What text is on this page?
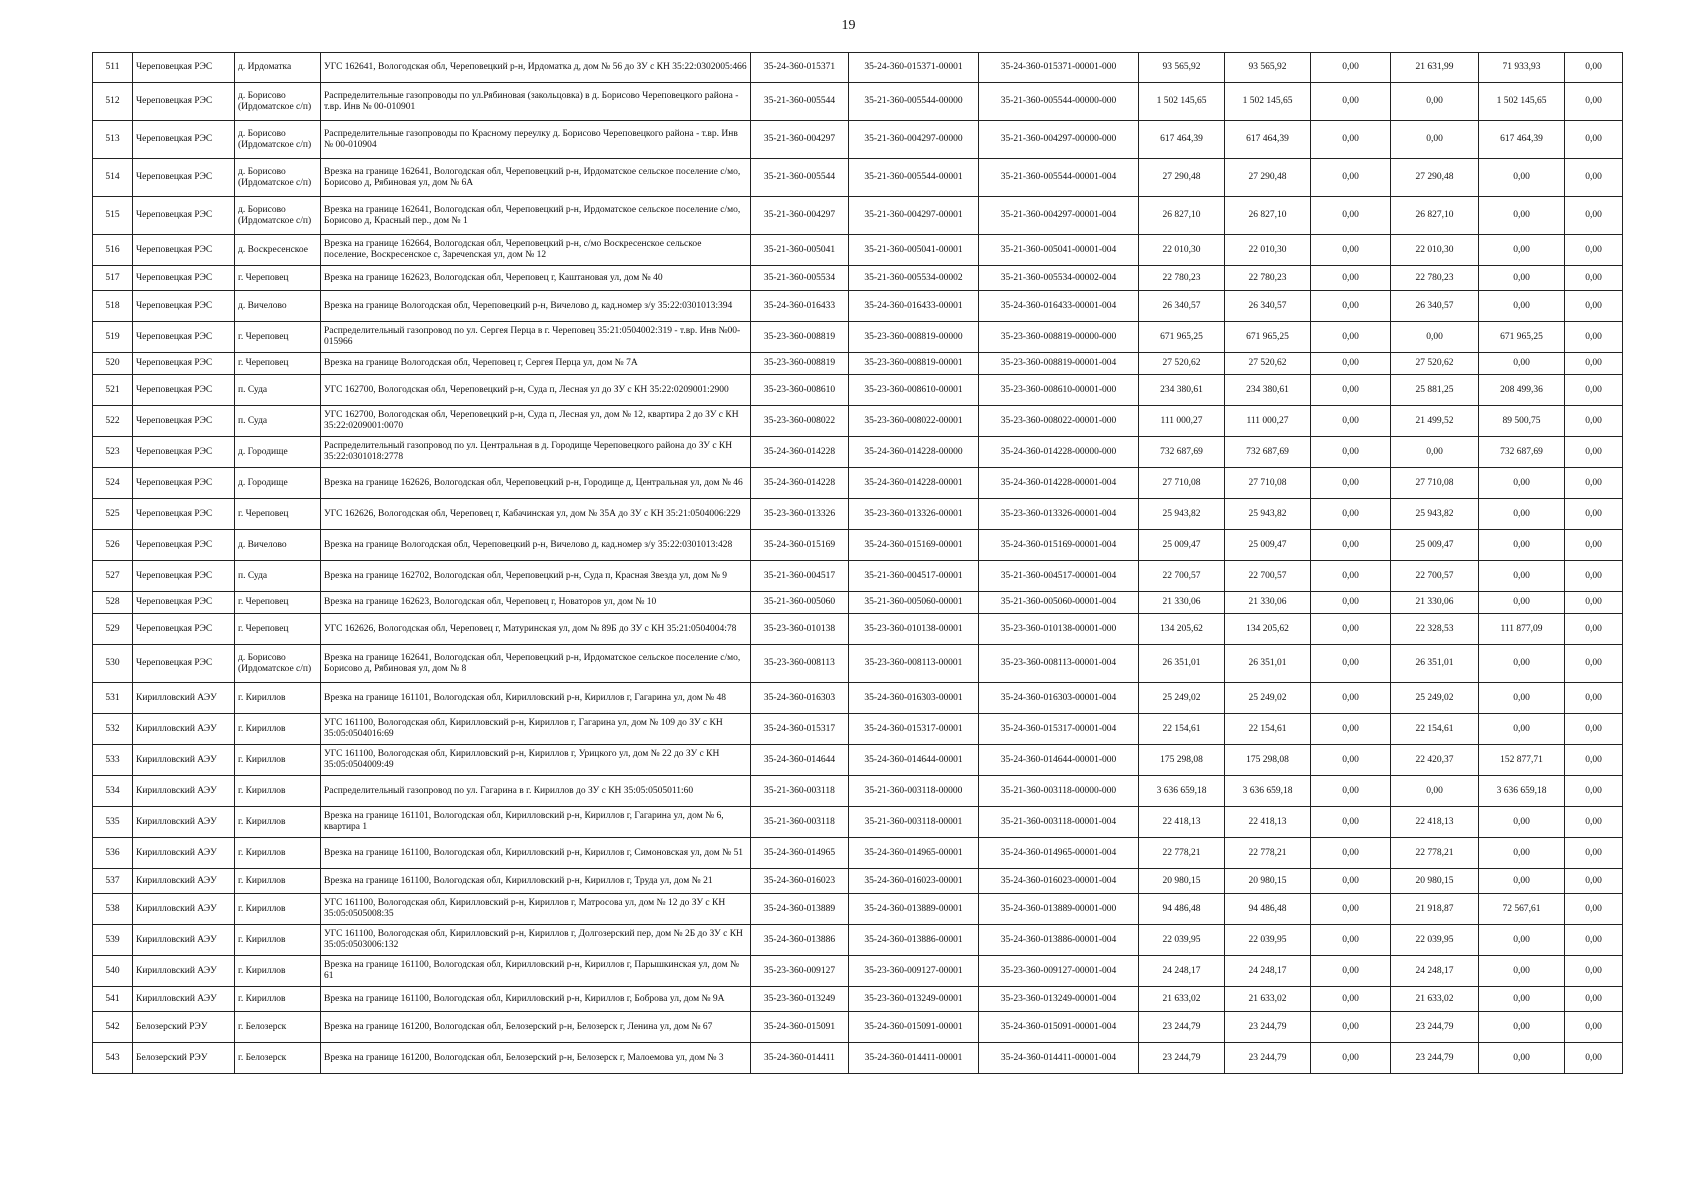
19
511	Череповецкая РЭС	д. Ирдоматка	УГС 162641, Вологодская обл, Череповецкий р-н, Ирдоматка д, дом № 56 до ЗУ с КН 35:22:0302005:466	35-24-360-015371	35-24-360-015371-00001	35-24-360-015371-00001-000	93 565,92	93 565,92	0,00	21 631,99	71 933,93	0,00
512	Череповецкая РЭС	д. Борисово (Ирдоматское с/п)	Распределительные газопроводы по ул.Рябиновая (закольцовка) в д. Борисово Череповецкого района - т.вр. Инв № 00-010901	35-21-360-005544	35-21-360-005544-00000	35-21-360-005544-00000-000	1 502 145,65	1 502 145,65	0,00	0,00	1 502 145,65	0,00
513	Череповецкая РЭС	д. Борисово (Ирдоматское с/п)	Распределительные газопроводы по Красному переулку д. Борисово Череповецкого района - т.вр. Инв № 00-010904	35-21-360-004297	35-21-360-004297-00000	35-21-360-004297-00000-000	617 464,39	617 464,39	0,00	0,00	617 464,39	0,00
514	Череповецкая РЭС	д. Борисово (Ирдоматское с/п)	Врезка на границе 162641, Вологодская обл, Череповецкий р-н, Ирдоматское сельское поселение с/мо, Борисово д, Рябиновая ул, дом № 6А	35-21-360-005544	35-21-360-005544-00001	35-21-360-005544-00001-004	27 290,48	27 290,48	0,00	27 290,48	0,00	0,00
515	Череповецкая РЭС	д. Борисово (Ирдоматское с/п)	Врезка на границе 162641, Вологодская обл, Череповецкий р-н, Ирдоматское сельское поселение с/мо, Борисово д, Красный пер., дом № 1	35-21-360-004297	35-21-360-004297-00001	35-21-360-004297-00001-004	26 827,10	26 827,10	0,00	26 827,10	0,00	0,00
516	Череповецкая РЭС	д. Воскресенское	Врезка на границе 162664, Вологодская обл, Череповецкий р-н, с/мо Воскресенское сельское поселение, Воскресенское с, Заречenская ул, дом № 12	35-21-360-005041	35-21-360-005041-00001	35-21-360-005041-00001-004	22 010,30	22 010,30	0,00	22 010,30	0,00	0,00
517	Череповецкая РЭС	г. Череповец	Врезка на границе 162623, Вологодская обл, Череповец г, Каштановая ул, дом № 40	35-21-360-005534	35-21-360-005534-00002	35-21-360-005534-00002-004	22 780,23	22 780,23	0,00	22 780,23	0,00	0,00
518	Череповецкая РЭС	д. Вичелово	Врезка на границе Вологодская обл, Череповецкий р-н, Вичелово д, кад.номер з/у 35:22:0301013:394	35-24-360-016433	35-24-360-016433-00001	35-24-360-016433-00001-004	26 340,57	26 340,57	0,00	26 340,57	0,00	0,00
519	Череповецкая РЭС	г. Череповец	Распределительный газопровод по ул. Сергея Перца в г. Череповец 35:21:0504002:319 - т.вр. Инв №00-015966	35-23-360-008819	35-23-360-008819-00000	35-23-360-008819-00000-000	671 965,25	671 965,25	0,00	0,00	671 965,25	0,00
520	Череповецкая РЭС	г. Череповец	Врезка на границе Вологодская обл, Череповец г, Сергея Перца ул, дом № 7А	35-23-360-008819	35-23-360-008819-00001	35-23-360-008819-00001-004	27 520,62	27 520,62	0,00	27 520,62	0,00	0,00
521	Череповецкая РЭС	п. Суда	УГС 162700, Вологодская обл, Череповецкий р-н, Суда п, Лесная ул до ЗУ с КН 35:22:0209001:2900	35-23-360-008610	35-23-360-008610-00001	35-23-360-008610-00001-000	234 380,61	234 380,61	0,00	25 881,25	208 499,36	0,00
522	Череповецкая РЭС	п. Суда	УГС 162700, Вологодская обл, Череповецкий р-н, Суда п, Лесная ул, дом № 12, квартира 2 до ЗУ с КН 35:22:0209001:0070	35-23-360-008022	35-23-360-008022-00001	35-23-360-008022-00001-000	111 000,27	111 000,27	0,00	21 499,52	89 500,75	0,00
523	Череповецкая РЭС	д. Городище	Распределительный газопровод по ул. Центральная в д. Городище Череповецкого района до ЗУ с КН 35:22:0301018:2778	35-24-360-014228	35-24-360-014228-00000	35-24-360-014228-00000-000	732 687,69	732 687,69	0,00	0,00	732 687,69	0,00
524	Череповецкая РЭС	д. Городище	Врезка на границе 162626, Вологодская обл, Череповецкий р-н, Городище д, Центральная ул, дом № 46	35-24-360-014228	35-24-360-014228-00001	35-24-360-014228-00001-004	27 710,08	27 710,08	0,00	27 710,08	0,00	0,00
525	Череповецкая РЭС	г. Череповец	УГС 162626, Вологодская обл, Череповец г, Кабачинская ул, дом № 35А до ЗУ с КН 35:21:0504006:229	35-23-360-013326	35-23-360-013326-00001	35-23-360-013326-00001-004	25 943,82	25 943,82	0,00	25 943,82	0,00	0,00
526	Череповецкая РЭС	д. Вичелово	Врезка на границе Вологодская обл, Череповецкий р-н, Вичелово д, кад.номер з/у 35:22:0301013:428	35-24-360-015169	35-24-360-015169-00001	35-24-360-015169-00001-004	25 009,47	25 009,47	0,00	25 009,47	0,00	0,00
527	Череповецкая РЭС	п. Суда	Врезка на границе 162702, Вологодская обл, Череповецкий р-н, Суда п, Красная Звезда ул, дом № 9	35-21-360-004517	35-21-360-004517-00001	35-21-360-004517-00001-004	22 700,57	22 700,57	0,00	22 700,57	0,00	0,00
528	Череповецкая РЭС	г. Череповец	Врезка на границе 162623, Вологодская обл, Череповец г, Новаторов ул, дом № 10	35-21-360-005060	35-21-360-005060-00001	35-21-360-005060-00001-004	21 330,06	21 330,06	0,00	21 330,06	0,00	0,00
529	Череповецкая РЭС	г. Череповец	УГС 162626, Вологодская обл, Череповец г, Матуринская ул, дом № 89Б до ЗУ с КН 35:21:0504004:78	35-23-360-010138	35-23-360-010138-00001	35-23-360-010138-00001-000	134 205,62	134 205,62	0,00	22 328,53	111 877,09	0,00
530	Череповецкая РЭС	д. Борисово (Ирдоматское с/п)	Врезка на границе 162641, Вологодская обл, Череповецкий р-н, Ирдоматское сельское поселение с/мо, Борисово д, Рябиновая ул, дом № 8	35-23-360-008113	35-23-360-008113-00001	35-23-360-008113-00001-004	26 351,01	26 351,01	0,00	26 351,01	0,00	0,00
531	Кирилловский АЭУ	г. Кириллов	Врезка на границе 161101, Вологодская обл, Кирилловский р-н, Кириллов г, Гагарина ул, дом № 48	35-24-360-016303	35-24-360-016303-00001	35-24-360-016303-00001-004	25 249,02	25 249,02	0,00	25 249,02	0,00	0,00
532	Кирилловский АЭУ	г. Кириллов	УГС 161100, Вологодская обл, Кирилловский р-н, Кириллов г, Гагарина ул, дом № 109 до ЗУ с КН 35:05:0504016:69	35-24-360-015317	35-24-360-015317-00001	35-24-360-015317-00001-004	22 154,61	22 154,61	0,00	22 154,61	0,00	0,00
533	Кирилловский АЭУ	г. Кириллов	УГС 161100, Вологодская обл, Кирилловский р-н, Кириллов г, Урицкого ул, дом № 22 до ЗУ с КН 35:05:0504009:49	35-24-360-014644	35-24-360-014644-00001	35-24-360-014644-00001-000	175 298,08	175 298,08	0,00	22 420,37	152 877,71	0,00
534	Кирилловский АЭУ	г. Кириллов	Распределительный газопровод по ул. Гагарина в г. Кириллов до ЗУ с КН 35:05:0505011:60	35-21-360-003118	35-21-360-003118-00000	35-21-360-003118-00000-000	3 636 659,18	3 636 659,18	0,00	0,00	3 636 659,18	0,00
535	Кирилловский АЭУ	г. Кириллов	Врезка на границе 161101, Вологодская обл, Кирилловский р-н, Кириллов г, Гагарина ул, дом № 6, квартира 1	35-21-360-003118	35-21-360-003118-00001	35-21-360-003118-00001-004	22 418,13	22 418,13	0,00	22 418,13	0,00	0,00
536	Кирилловский АЭУ	г. Кириллов	Врезка на границе 161100, Вологодская обл, Кирилловский р-н, Кириллов г, Симоновская ул, дом № 51	35-24-360-014965	35-24-360-014965-00001	35-24-360-014965-00001-004	22 778,21	22 778,21	0,00	22 778,21	0,00	0,00
537	Кирилловский АЭУ	г. Кириллов	Врезка на границе 161100, Вологодская обл, Кирилловский р-н, Кириллов г, Труда ул, дом № 21	35-24-360-016023	35-24-360-016023-00001	35-24-360-016023-00001-004	20 980,15	20 980,15	0,00	20 980,15	0,00	0,00
538	Кирилловский АЭУ	г. Кириллов	УГС 161100, Вологодская обл, Кирилловский р-н, Кириллов г, Матросова ул, дом № 12 до ЗУ с КН 35:05:0505008:35	35-24-360-013889	35-24-360-013889-00001	35-24-360-013889-00001-000	94 486,48	94 486,48	0,00	21 918,87	72 567,61	0,00
539	Кирилловский АЭУ	г. Кириллов	УГС 161100, Вологодская обл, Кирилловский р-н, Кириллов г, Долгозерский пер, дом № 2Б до ЗУ с КН 35:05:0503006:132	35-24-360-013886	35-24-360-013886-00001	35-24-360-013886-00001-004	22 039,95	22 039,95	0,00	22 039,95	0,00	0,00
540	Кирилловский АЭУ	г. Кириллов	Врезка на границе 161100, Вологодская обл, Кирилловский р-н, Кириллов г, Парышкинская ул, дом № 61	35-23-360-009127	35-23-360-009127-00001	35-23-360-009127-00001-004	24 248,17	24 248,17	0,00	24 248,17	0,00	0,00
541	Кирилловский АЭУ	г. Кириллов	Врезка на границе 161100, Вологодская обл, Кирилловский р-н, Кириллов г, Боброва ул, дом № 9А	35-23-360-013249	35-23-360-013249-00001	35-23-360-013249-00001-004	21 633,02	21 633,02	0,00	21 633,02	0,00	0,00
542	Белозерский РЭУ	г. Белозерск	Врезка на границе 161200, Вологодская обл, Белозерский р-н, Белозерск г, Ленина ул, дом № 67	35-24-360-015091	35-24-360-015091-00001	35-24-360-015091-00001-004	23 244,79	23 244,79	0,00	23 244,79	0,00	0,00
543	Белозерский РЭУ	г. Белозерск	Врезка на границе 161200, Вологодская обл, Белозерский р-н, Белозерск г, Малоемова ул, дом № 3	35-24-360-014411	35-24-360-014411-00001	35-24-360-014411-00001-004	23 244,79	23 244,79	0,00	23 244,79	0,00	0,00
